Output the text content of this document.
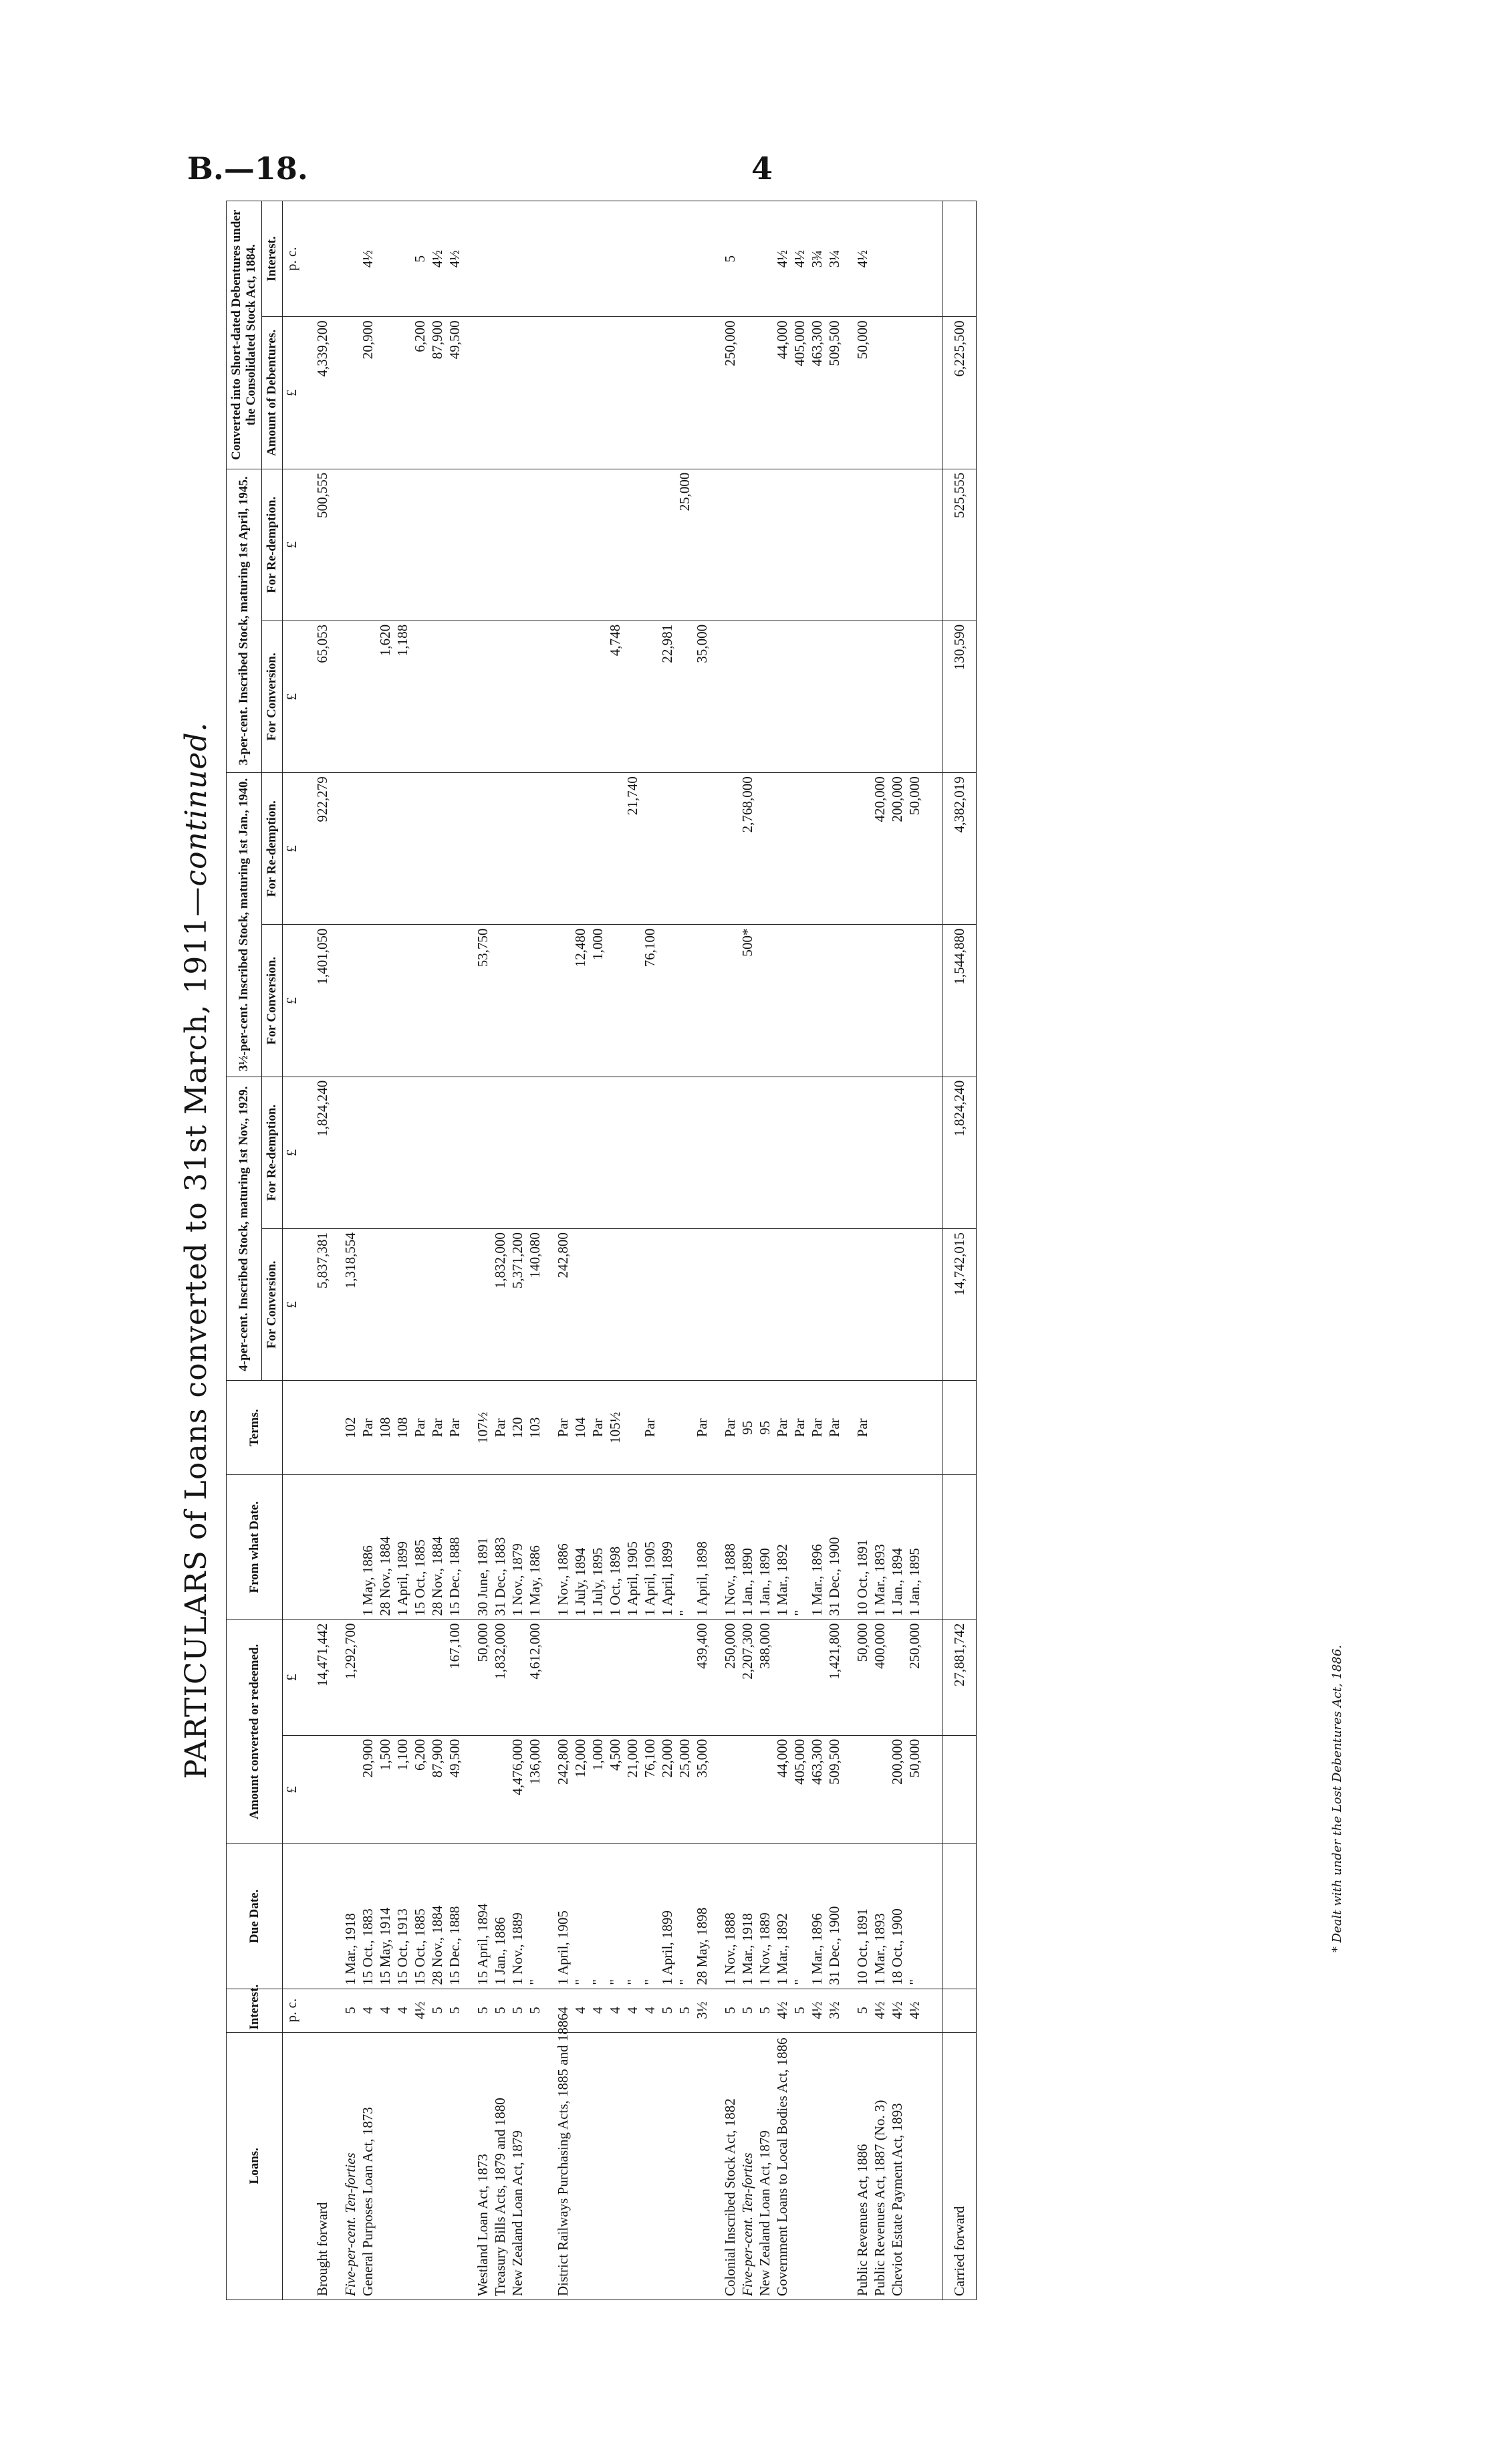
B.—18.	4
PARTICULARS of Loans converted to 31st March, 1911—continued.
Loans.	Interest.	Due Date.	Amount converted or redeemed.		From what Date.	Terms.	4-per-cent. Inscribed Stock, maturing 1st Nov., 1929.		3½-per-cent. Inscribed Stock, maturing 1st Jan., 1940.		3-per-cent. Inscribed Stock, maturing 1st April, 1945.		Converted into Short-dated Debentures under the Consolidated Stock Act, 1884.	
							For Conversion.	For Re-demption.	For Conversion.	For Re-demption.	For Conversion.	For Re-demption.	Amount of Debentures.	Interest.
	p. c.		£	£			£	£	£	£	£	£	£	p. c.
Brought forward				14,471,442			5,837,381	1,824,240	1,401,050	922,279	65,053	500,555	4,339,200	
Five-per-cent. Ten-forties	5	1 Mar., 1918		1,292,700		102	1,318,554							
General Purposes Loan Act, 1873	4	15 Oct., 1883	20,900		1 May, 1886	Par							20,900	4½
	4	15 May, 1914	1,500		28 Nov., 1884	108					1,620			
	4	15 Oct., 1913	1,100		1 April, 1899	108					1,188			
	4½	15 Oct., 1885	6,200		15 Oct., 1885	Par							6,200	5
	5	28 Nov., 1884	87,900		28 Nov., 1884	Par							87,900	4½
	5	15 Dec., 1888	49,500	167,100	15 Dec., 1888	Par							49,500	4½
Westland Loan Act, 1873	5	15 April, 1894		50,000	30 June, 1891	107½			53,750					
Treasury Bills Acts, 1879 and 1880	5	1 Jan., 1886		1,832,000	31 Dec., 1883	Par	1,832,000							
New Zealand Loan Act, 1879	5	1 Nov., 1889	4,476,000		1 Nov., 1879	120	5,371,200							
	5	"	136,000	4,612,000	1 May, 1886	103	140,080							
District Railways Purchasing Acts, 1885 and 1886	4	1 April, 1905	242,800		1 Nov., 1886	Par	242,800							
	4	"	12,000		1 July, 1894	104			12,480					
	4	"	1,000		1 July, 1895	Par			1,000					
	4	"	4,500		1 Oct., 1898	105½					4,748			
	4	"	21,000		1 April, 1905					21,740				
	4	"	76,100		1 April, 1905	Par			76,100					
	5	1 April, 1899	22,000		1 April, 1899						22,981			
	5	"	25,000		"							25,000		
	3½	28 May, 1898	35,000	439,400	1 April, 1898	Par					35,000			
Colonial Inscribed Stock Act, 1882	5	1 Nov., 1888		250,000	1 Nov., 1888	Par							250,000	5
Five-per-cent. Ten-forties	5	1 Mar., 1918		2,207,300	1 Jan., 1890	95			500*	2,768,000				
New Zealand Loan Act, 1879	5	1 Nov., 1889		388,000	1 Jan., 1890	95								
Government Loans to Local Bodies Act, 1886	4½	1 Mar., 1892	44,000		1 Mar., 1892	Par							44,000	4½
	5	"	405,000		"	Par							405,000	4½
	4½	1 Mar., 1896	463,300		1 Mar., 1896	Par							463,300	3¾
	3½	31 Dec., 1900	509,500	1,421,800	31 Dec., 1900	Par							509,500	3¼
Public Revenues Act, 1886	5	10 Oct., 1891		50,000	10 Oct., 1891	Par							50,000	4½
Public Revenues Act, 1887 (No. 3)	4½	1 Mar., 1893		400,000	1 Mar., 1893					420,000				
Cheviot Estate Payment Act, 1893	4½	18 Oct., 1900	200,000		1 Jan., 1894					200,000				
	4½	"	50,000	250,000	1 Jan., 1895					50,000				
Carried forward				27,881,742			14,742,015	1,824,240	1,544,880	4,382,019	130,590	525,555	6,225,500	
* Dealt with under the Lost Debentures Act, 1886.
